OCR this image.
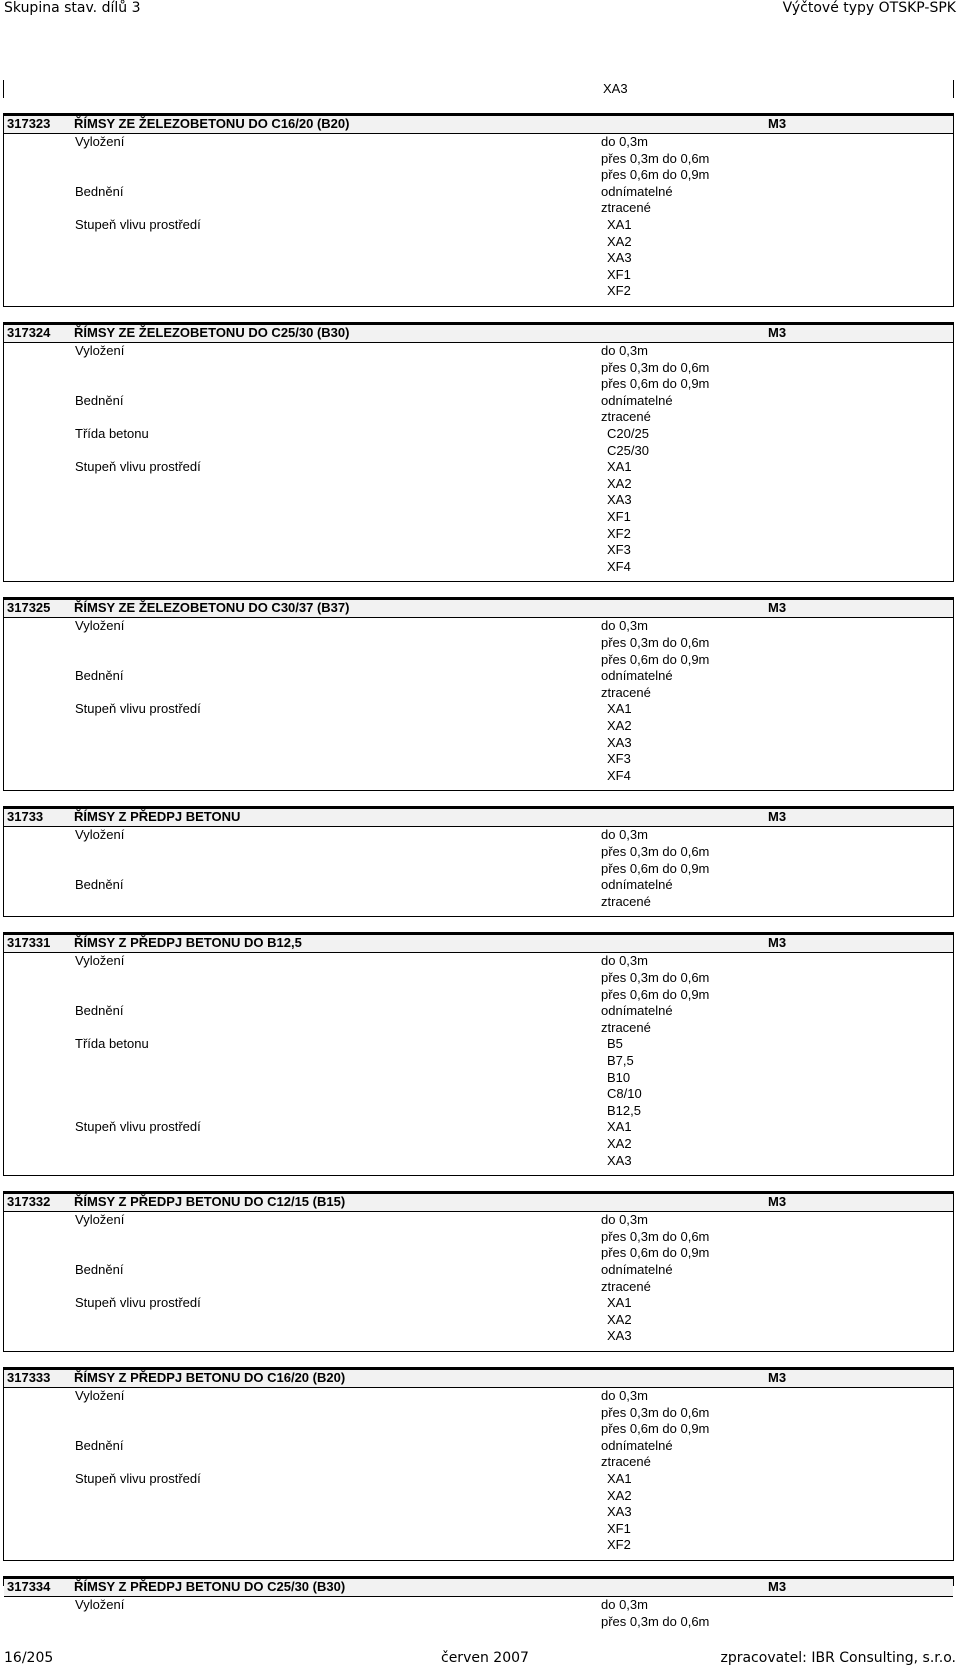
Skupina stav. dílů 3	Výčtové typy OTSKP-SPK
XA3
317323 ŘÍMSY ZE ŽELEZOBETONU DO C16/20 (B20)	M3
Vyložení	do 0,3m
přes 0,3m do 0,6m
přes 0,6m do 0,9m
Bednění	odnímatelné
ztracené
Stupeň vlivu prostředí	XA1
XA2
XA3
XF1
XF2
317324 ŘÍMSY ZE ŽELEZOBETONU DO C25/30 (B30)	M3
Vyložení	do 0,3m
přes 0,3m do 0,6m
přes 0,6m do 0,9m
Bednění	odnímatelné
ztracené
Třída betonu	C20/25
C25/30
Stupeň vlivu prostředí	XA1
XA2
XA3
XF1
XF2
XF3
XF4
317325 ŘÍMSY ZE ŽELEZOBETONU DO C30/37 (B37)	M3
Vyložení	do 0,3m
přes 0,3m do 0,6m
přes 0,6m do 0,9m
Bednění	odnímatelné
ztracené
Stupeň vlivu prostředí	XA1
XA2
XA3
XF3
XF4
31733 ŘÍMSY Z PŘEDPJ BETONU	M3
Vyložení	do 0,3m
přes 0,3m do 0,6m
přes 0,6m do 0,9m
Bednění	odnímatelné
ztracené
317331 ŘÍMSY Z PŘEDPJ BETONU DO B12,5	M3
Vyložení	do 0,3m
přes 0,3m do 0,6m
přes 0,6m do 0,9m
Bednění	odnímatelné
ztracené
Třída betonu	B5
B7,5
B10
C8/10
B12,5
Stupeň vlivu prostředí	XA1
XA2
XA3
317332 ŘÍMSY Z PŘEDPJ BETONU DO C12/15 (B15)	M3
Vyložení	do 0,3m
přes 0,3m do 0,6m
přes 0,6m do 0,9m
Bednění	odnímatelné
ztracené
Stupeň vlivu prostředí	XA1
XA2
XA3
317333 ŘÍMSY Z PŘEDPJ BETONU DO C16/20 (B20)	M3
Vyložení	do 0,3m
přes 0,3m do 0,6m
přes 0,6m do 0,9m
Bednění	odnímatelné
ztracené
Stupeň vlivu prostředí	XA1
XA2
XA3
XF1
XF2
317334 ŘÍMSY Z PŘEDPJ BETONU DO C25/30 (B30)	M3
Vyložení	do 0,3m
přes 0,3m do 0,6m
16/205	červen 2007	zpracovatel: IBR Consulting, s.r.o.
